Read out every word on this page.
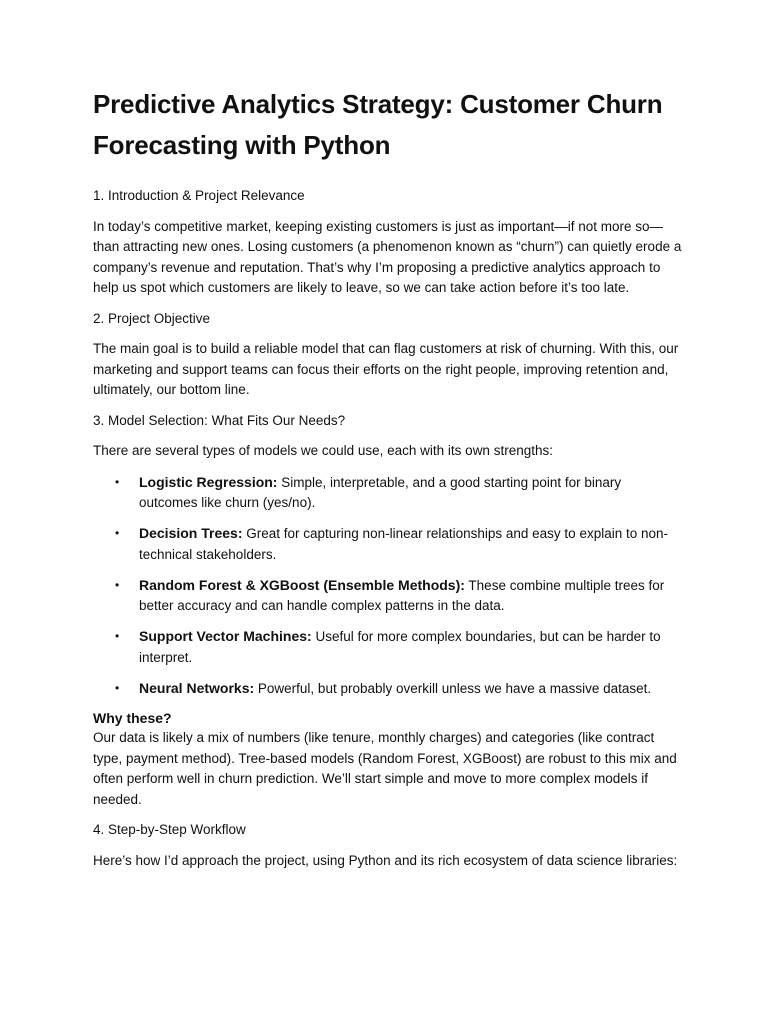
Predictive Analytics Strategy: Customer Churn Forecasting with Python

1. Introduction & Project Relevance

In today’s competitive market, keeping existing customers is just as important—if not more so—than attracting new ones. Losing customers (a phenomenon known as “churn”) can quietly erode a company’s revenue and reputation. That’s why I’m proposing a predictive analytics approach to help us spot which customers are likely to leave, so we can take action before it’s too late.

2. Project Objective

The main goal is to build a reliable model that can flag customers at risk of churning. With this, our marketing and support teams can focus their efforts on the right people, improving retention and, ultimately, our bottom line.

3. Model Selection: What Fits Our Needs?

There are several types of models we could use, each with its own strengths:

• Logistic Regression: Simple, interpretable, and a good starting point for binary outcomes like churn (yes/no).
• Decision Trees: Great for capturing non-linear relationships and easy to explain to non-technical stakeholders.
• Random Forest & XGBoost (Ensemble Methods): These combine multiple trees for better accuracy and can handle complex patterns in the data.
• Support Vector Machines: Useful for more complex boundaries, but can be harder to interpret.
• Neural Networks: Powerful, but probably overkill unless we have a massive dataset.

Why these?
Our data is likely a mix of numbers (like tenure, monthly charges) and categories (like contract type, payment method). Tree-based models (Random Forest, XGBoost) are robust to this mix and often perform well in churn prediction. We’ll start simple and move to more complex models if needed.

4. Step-by-Step Workflow

Here’s how I’d approach the project, using Python and its rich ecosystem of data science libraries:
